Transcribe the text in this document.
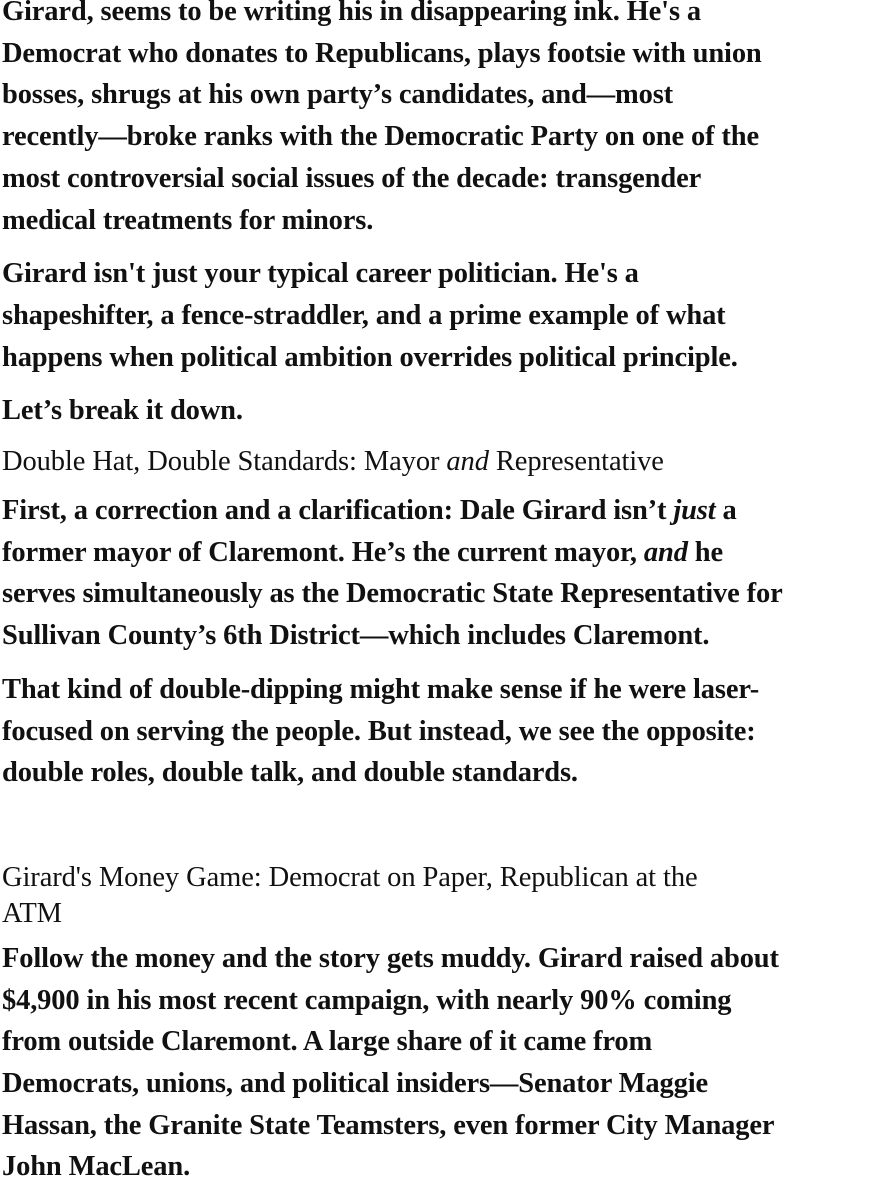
Girard, seems to be writing his in disappearing ink. He's a
Democrat who donates to Republicans, plays footsie with union
bosses, shrugs at his own party’s candidates, and—most
recently—broke ranks with the Democratic Party on one of the
most controversial social issues of the decade: transgender
medical treatments for minors.

Girard isn't just your typical career politician. He's a
shapeshifter, a fence-straddler, and a prime example of what
happens when political ambition overrides political principle.

Let’s break it down.

Double Hat, Double Standards: Mayor and Representative

First, a correction and a clarification: Dale Girard isn’t just a
former mayor of Claremont. He’s the current mayor, and he
serves simultaneously as the Democratic State Representative for
Sullivan County’s 6th District—which includes Claremont.

That kind of double-dipping might make sense if he were laser-
focused on serving the people. But instead, we see the opposite:
double roles, double talk, and double standards.

Girard's Money Game: Democrat on Paper, Republican at the
ATM

Follow the money and the story gets muddy. Girard raised about
$4,900 in his most recent campaign, with nearly 90% coming
from outside Claremont. A large share of it came from
Democrats, unions, and political insiders—Senator Maggie
Hassan, the Granite State Teamsters, even former City Manager
John MacLean.
